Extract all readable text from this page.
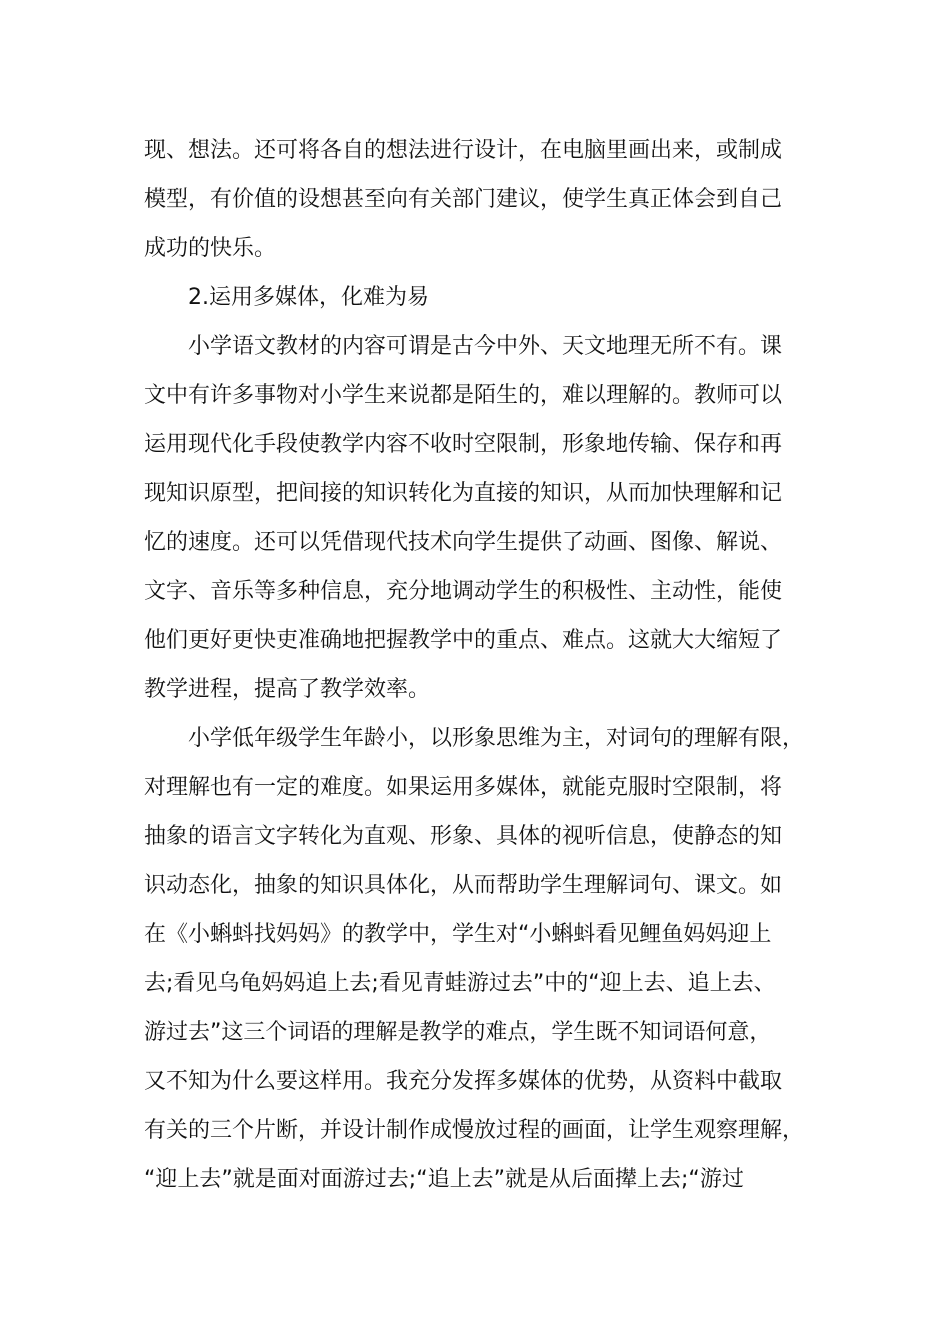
现、想法。还可将各自的想法进行设计，在电脑里画出来，或制成
模型，有价值的设想甚至向有关部门建议，使学生真正体会到自己
成功的快乐。
2.运用多媒体，化难为易
小学语文教材的内容可谓是古今中外、天文地理无所不有。课
文中有许多事物对小学生来说都是陌生的，难以理解的。教师可以
运用现代化手段使教学内容不收时空限制，形象地传输、保存和再
现知识原型，把间接的知识转化为直接的知识，从而加快理解和记
忆的速度。还可以凭借现代技术向学生提供了动画、图像、解说、
文字、音乐等多种信息，充分地调动学生的积极性、主动性，能使
他们更好更快吏准确地把握教学中的重点、难点。这就大大缩短了
教学进程，提高了教学效率。
小学低年级学生年龄小，以形象思维为主，对词句的理解有限，
对理解也有一定的难度。如果运用多媒体，就能克服时空限制，将
抽象的语言文字转化为直观、形象、具体的视听信息，使静态的知
识动态化，抽象的知识具体化，从而帮助学生理解词句、课文。如
在《小蝌蚪找妈妈》的教学中，学生对“小蝌蚪看见鲤鱼妈妈迎上
去;看见乌龟妈妈追上去;看见青蛙游过去”中的“迎上去、追上去、
游过去”这三个词语的理解是教学的难点，学生既不知词语何意，
又不知为什么要这样用。我充分发挥多媒体的优势，从资料中截取
有关的三个片断，并设计制作成慢放过程的画面，让学生观察理解，
“迎上去”就是面对面游过去;“追上去”就是从后面撵上去;“游过
